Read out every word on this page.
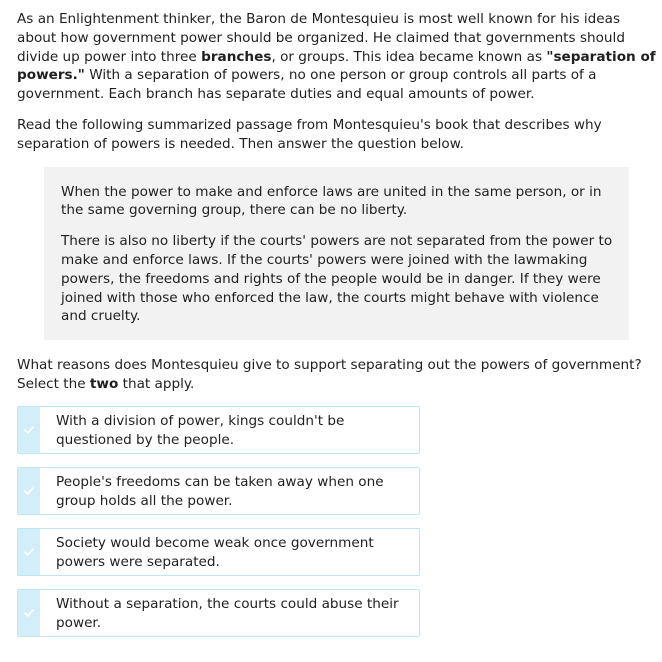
As an Enlightenment thinker, the Baron de Montesquieu is most well known for his ideas about how government power should be organized. He claimed that governments should divide up power into three branches, or groups. This idea became known as "separation of powers." With a separation of powers, no one person or group controls all parts of a government. Each branch has separate duties and equal amounts of power.

Read the following summarized passage from Montesquieu's book that describes why separation of powers is needed. Then answer the question below.

When the power to make and enforce laws are united in the same person, or in the same governing group, there can be no liberty.

There is also no liberty if the courts' powers are not separated from the power to make and enforce laws. If the courts' powers were joined with the lawmaking powers, the freedoms and rights of the people would be in danger. If they were joined with those who enforced the law, the courts might behave with violence and cruelty.

What reasons does Montesquieu give to support separating out the powers of government? Select the two that apply.

With a division of power, kings couldn't be questioned by the people.
People's freedoms can be taken away when one group holds all the power.
Society would become weak once government powers were separated.
Without a separation, the courts could abuse their power.
